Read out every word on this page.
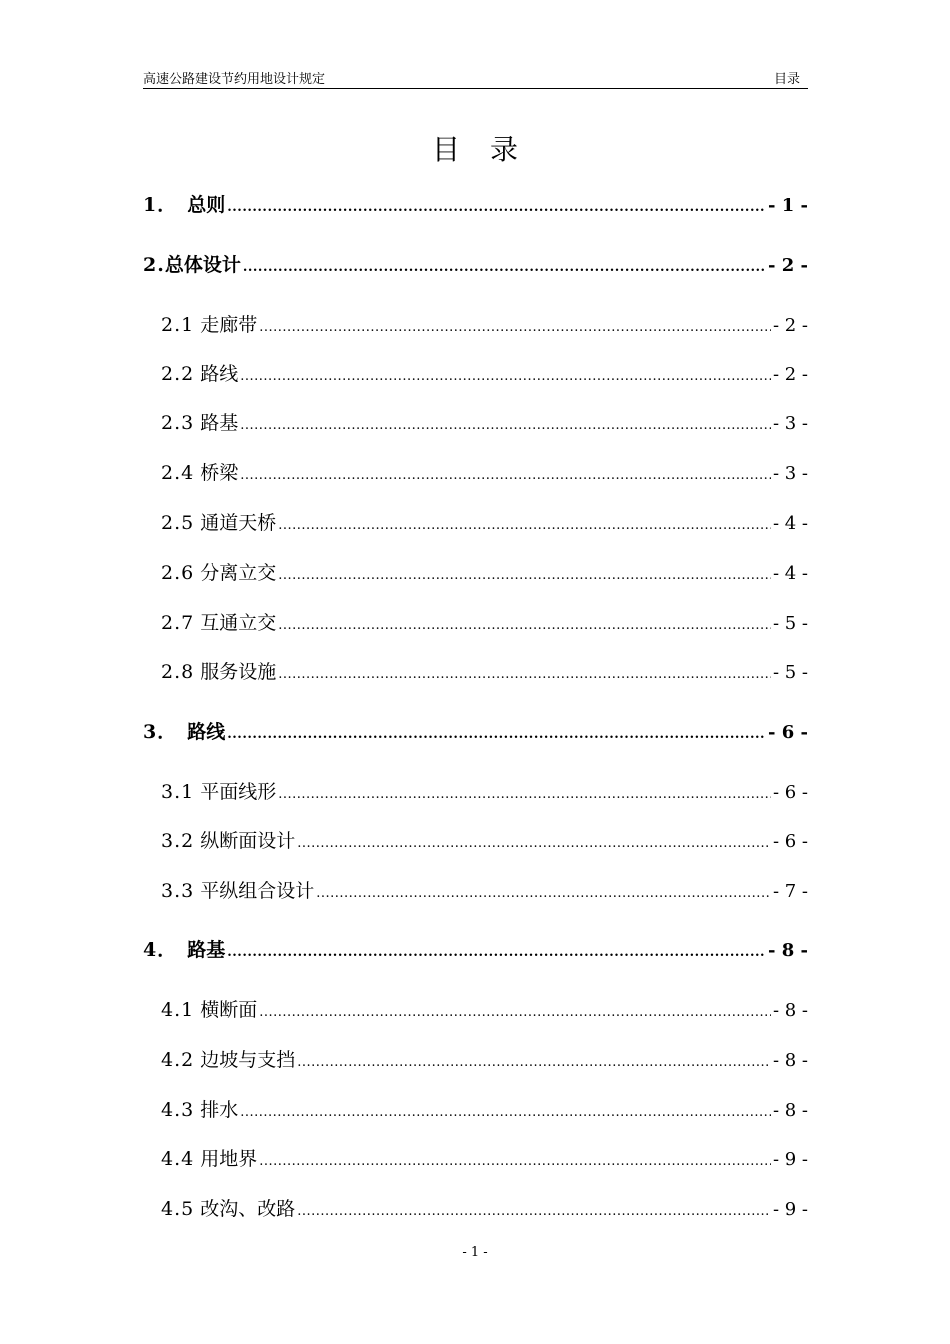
高速公路建设节约用地设计规定	目录
目录
1． 总则 .....	- 1 -
2. 总体设计 .....	- 2 -
2.1 走廊带 .....	- 2 -
2.2 路线 .....	- 2 -
2.3 路基 .....	- 3 -
2.4 桥梁 .....	- 3 -
2.5 通道天桥 .....	- 4 -
2.6 分离立交 .....	- 4 -
2.7 互通立交 .....	- 5 -
2.8 服务设施 .....	- 5 -
3． 路线 .....	- 6 -
3.1 平面线形 .....	- 6 -
3.2 纵断面设计 .....	- 6 -
3.3 平纵组合设计 .....	- 7 -
4． 路基 .....	- 8 -
4.1 横断面 .....	- 8 -
4.2 边坡与支挡 .....	- 8 -
4.3 排水 .....	- 8 -
4.4 用地界 .....	- 9 -
4.5 改沟、改路 .....	- 9 -
- 1 -
